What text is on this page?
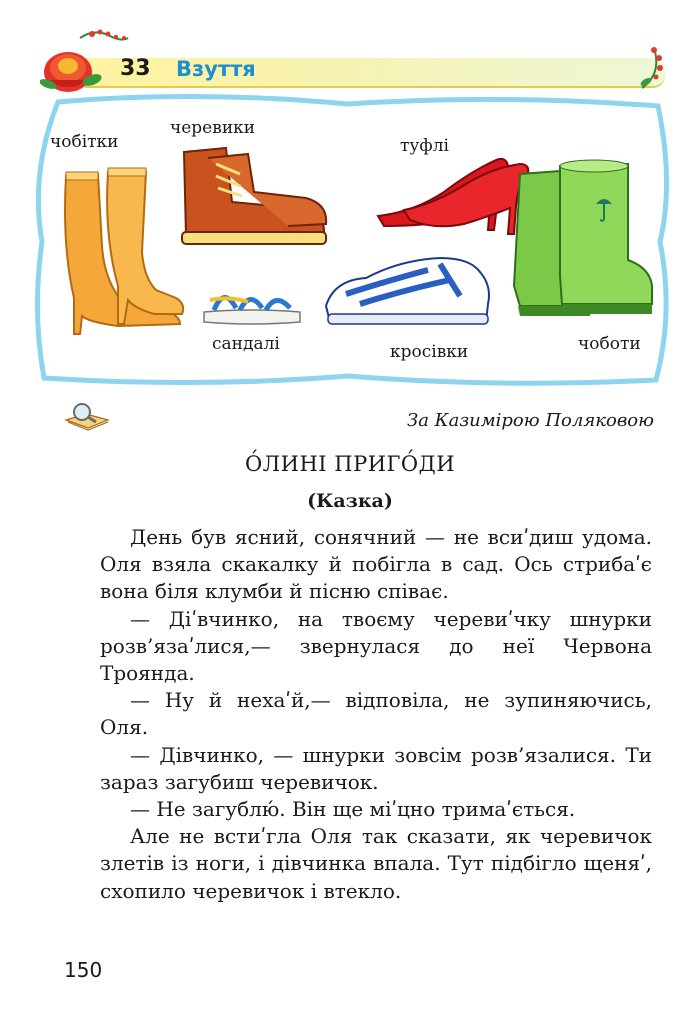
33 Взуття
чобітки
черевики
туфлі
чоботи
сандалі	кросівки
За Казимірою Поляковою
О́ЛИНІ ПРИГО́ДИ
(Казка)

День був ясний, сонячний — не всиʹдиш удома. Оля взяла скакалку й побігла в сад. Ось стрибаʹє вона біля клумби й пісню співає.

— Діʹвчинко, на твоєму черевиʹчку шнурки розв’язаʹлися,— звернулася до неї Червона Троянда.

— Ну й нехаʹй,— відповіла, не зупиняючись, Оля.

— Дівчинко, — шнурки зовсім розв’язалися. Ти зараз загубиш черевичок.

— Не загублю́. Він ще міʹцно тримаʹється.

Але не встиʹгла Оля так сказати, як черевичок злетів із ноги, і дівчинка впала. Тут підбігло щеняʹ, схопило черевичок і втекло.

150
